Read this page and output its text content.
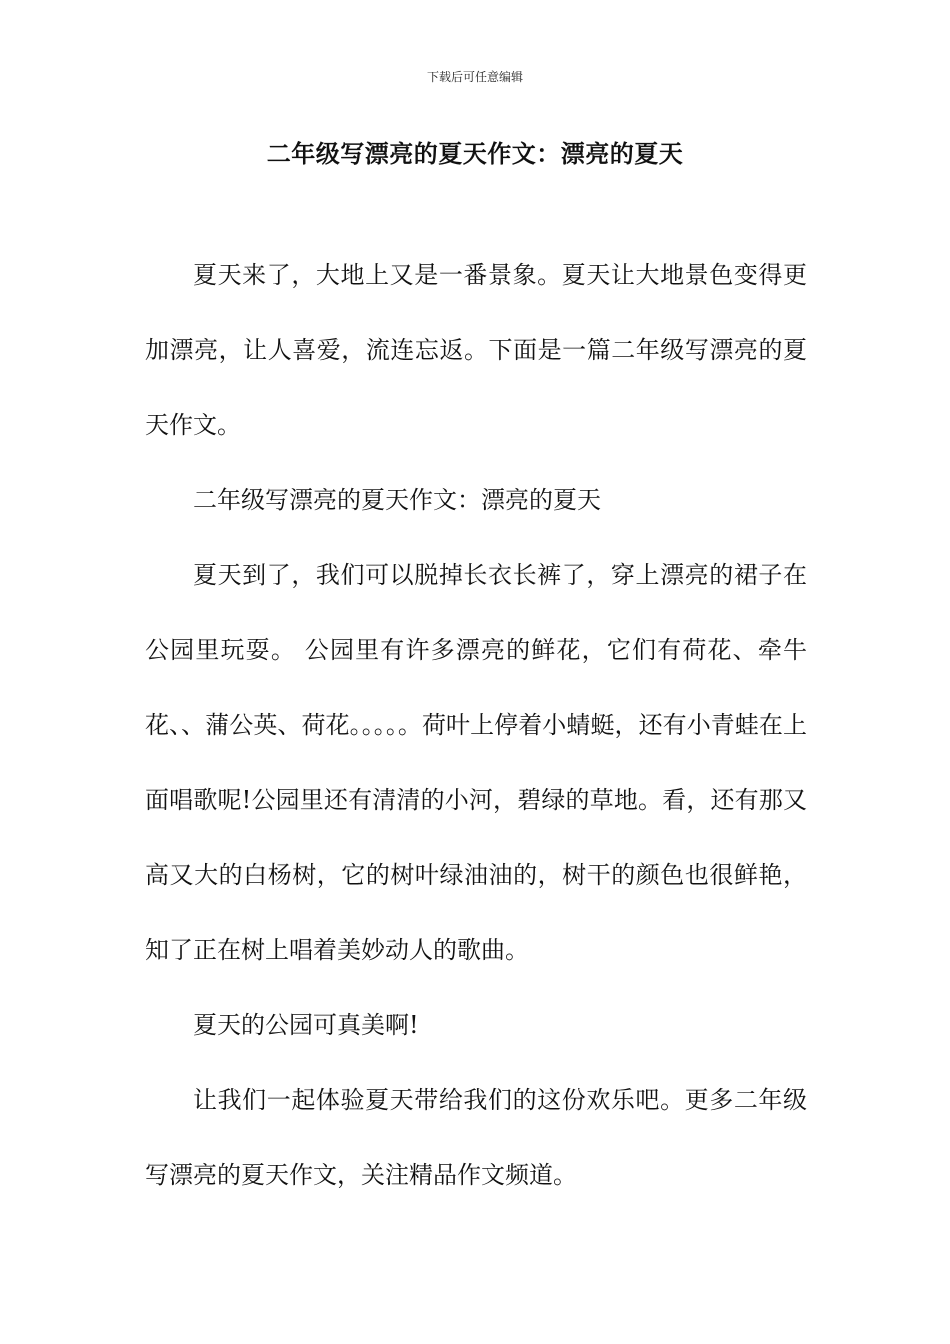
下载后可任意编辑
二年级写漂亮的夏天作文：漂亮的夏天

夏天来了，大地上又是一番景象。夏天让大地景色变得更加漂亮，让人喜爱，流连忘返。下面是一篇二年级写漂亮的夏天作文。

二年级写漂亮的夏天作文：漂亮的夏天

夏天到了，我们可以脱掉长衣长裤了，穿上漂亮的裙子在公园里玩耍。 公园里有许多漂亮的鲜花，它们有荷花、牵牛花、、蒲公英、荷花。。。。。荷叶上停着小蜻蜓，还有小青蛙在上面唱歌呢!公园里还有清清的小河，碧绿的草地。看，还有那又高又大的白杨树，它的树叶绿油油的，树干的颜色也很鲜艳，知了正在树上唱着美妙动人的歌曲。

夏天的公园可真美啊!

让我们一起体验夏天带给我们的这份欢乐吧。更多二年级写漂亮的夏天作文，关注精品作文频道。
